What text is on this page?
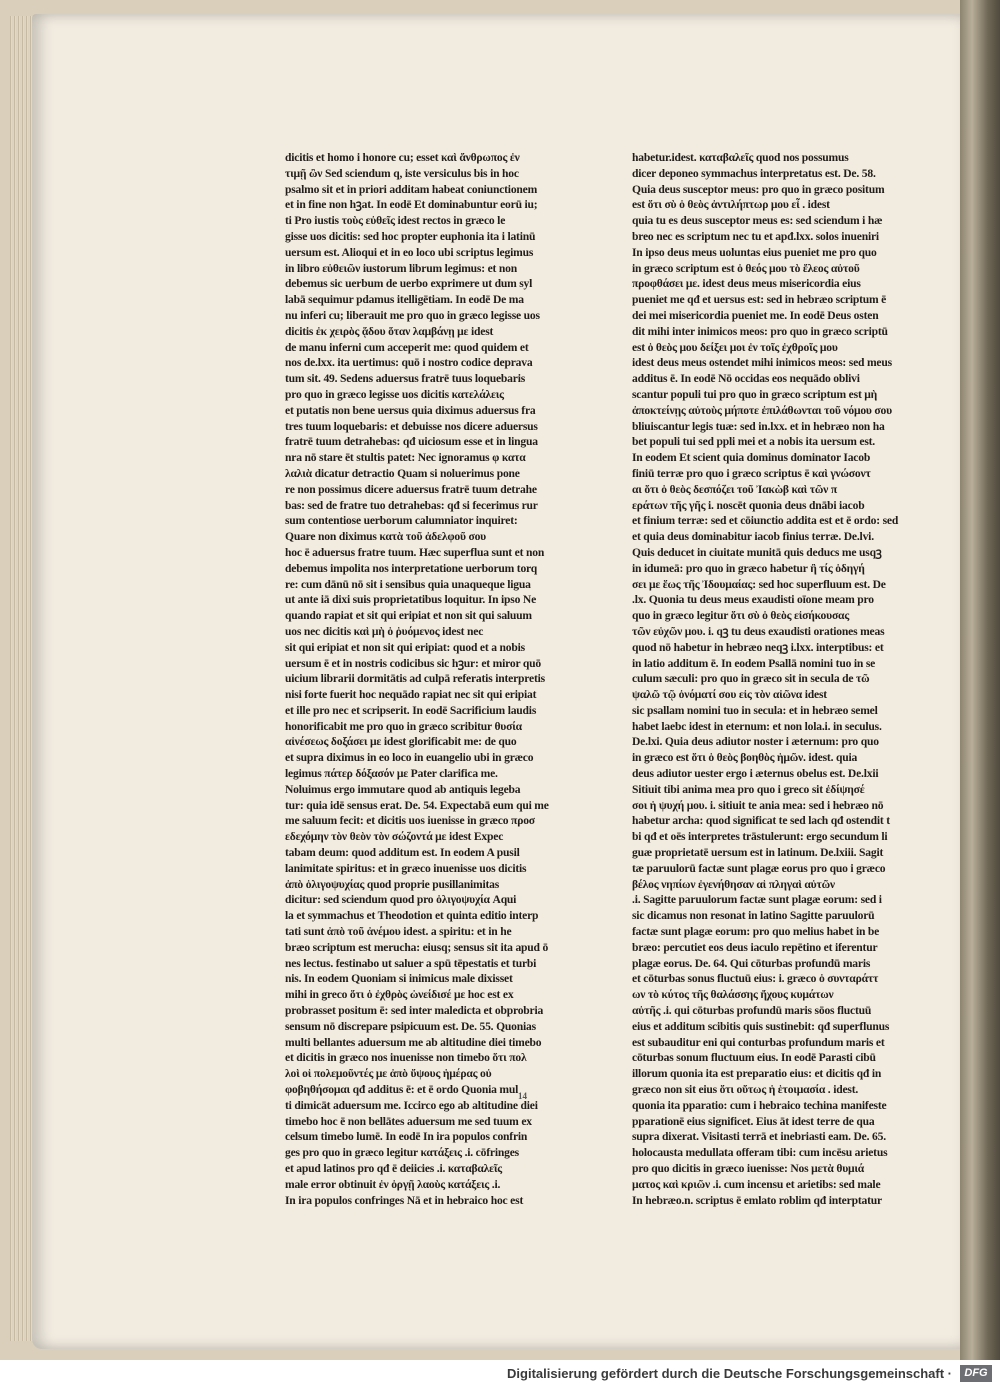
dicitis et homo i honore cu; esset καὶ ἄνθρωπος ἐν
τιμῇ ὢν Sed sciendum q, iste versiculus bis in hoc
psalmo sit et in priori additam habeat coniunctionem
et in fine non hꝫat. In eodē Et dominabuntur eorū iu;
ti Pro iustis τοὺς εὐθεῖς idest rectos in græco le
gisse uos dicitis: sed hoc propter euphonia ita i latinū
uersum est. Alioqui et in eo loco ubi scriptus legimus
in libro εὐθειῶν iustorum librum legimus: et non
debemus sic uerbum de uerbo exprimere ut dum syl
labā sequimur pdamus itelligētiam. In eodē De ma
nu inferi cu; liberauit me pro quo in græco legisse uos
dicitis ἐκ χειρὸς ᾅδου ὅταν λαμβάνῃ με idest
de manu inferni cum acceperit me: quod quidem et
nos de.lxx. ita uertimus: quō i nostro codice deprava
tum sit. 49. Sedens aduersus fratrē tuus loquebaris
pro quo in græco legisse uos dicitis κατελάλεις
et putatis non bene uersus quia diximus aduersus fra
tres tuum loquebaris: et debuisse nos dicere aduersus
fratrē tuum detrahebas: qđ uiciosum esse et in lingua
nra nō stare ēt stultis patet: Nec ignoramus φ κατα
λαλιὰ dicatur detractio Quam si noluerimus pone
re non possimus dicere aduersus fratrē tuum detrahe
bas: sed de fratre tuo detrahebas: qđ si fecerimus rur
sum contentiose uerborum calumniator inquiret:
Quare non diximus κατὰ τοῦ ἀδελφοῦ σου
hoc ē aduersus fratre tuum. Hæc superflua sunt et non
debemus impolita nos interpretatione uerborum torq
re: cum dānū nō sit i sensibus quia unaqueque ligua
ut ante iā dixi suis proprietatibus loquitur. In ipso Ne
quando rapiat et sit qui eripiat et non sit qui saluum
uos nec dicitis καὶ μὴ ὁ ῥυόμενος idest nec
sit qui eripiat et non sit qui eripiat: quod et a nobis
uersum ē et in nostris codicibus sic hꝫur: et miror quō
uicium librarii dormitātis ad culpā referatis interpretis
nisi forte fuerit hoc nequādo rapiat nec sit qui eripiat
et ille pro nec et scripserit. In eodē Sacrificium laudis
honorificabit me pro quo in græco scribitur θυσία
αἰνέσεως δοξάσει με idest glorificabit me: de quo
et supra diximus in eo loco in euangelio ubi in græco
legimus πάτερ δόξασόν με Pater clarifica me.
Noluimus ergo immutare quod ab antiquis legeba
tur: quia idē sensus erat. De. 54. Expectabā eum qui me
me saluum fecit: et dicitis uos iuenisse in græco προσ
εδεχόμην τὸν θεὸν τὸν σώζοντά με idest Expec
tabam deum: quod additum est. In eodem A pusil
lanimitate spiritus: et in græco inuenisse uos dicitis
ἀπὸ ὀλιγοψυχίας quod proprie pusillanimitas
dicitur: sed sciendum quod pro ὀλιγοψυχία Aqui
la et symmachus et Theodotion et quinta editio interp
tati sunt ἀπὸ τοῦ ἀνέμου idest. a spiritu: et in he
bræo scriptum est merucha: eiusq; sensus sit ita apud ō
nes lectus. festinabo ut saluer a spū tēpestatis et turbi
nis. In eodem Quoniam si inimicus male dixisset
mihi in greco ὅτι ὁ ἐχθρὸς ὠνείδισέ με hoc est ex
probrasset positum ē: sed inter maledicta et obprobria
sensum nō discrepare psipicuum est. De. 55. Quonias
multi bellantes aduersum me ab altitudine diei timebo
et dicitis in græco nos inuenisse non timebo ὅτι πολ
λοὶ οἱ πολεμοῦντές με ἀπὸ ὕψους ἡμέρας οὐ
φοβηθήσομαι qđ additus ē: et ē ordo Quonia mul
ti dimicāt aduersum me. Iccirco ego ab altitudine diei
timebo hoc ē non bellātes aduersum me sed tuum ex
celsum timebo lumē. In eodē In ira populos confrin
ges pro quo in græco legitur κατάξεις .i. cōfringes
et apud latinos pro qđ ē deiicies .i. καταβαλεῖς
male error obtinuit ἐν ὀργῇ λαοὺς κατάξεις .i.
In ira populos confringes Nā et in hebraico hoc est
habetur.idest. καταβαλεῖς quod nos possumus
dicer deponeo symmachus interpretatus est. De. 58.
Quia deus susceptor meus: pro quo in græco positum
est ὅτι σὺ ὁ θεὸς ἀντιλήπτωρ μου εἶ . idest
quia tu es deus susceptor meus es: sed sciendum i hæ
breo nec es scriptum nec tu et apđ.lxx. solos inueniri
In ipso deus meus uoluntas eius pueniet me pro quo
in græco scriptum est ὁ θεός μου τὸ ἔλεος αὐτοῦ
προφθάσει με. idest deus meus misericordia eius
pueniet me qđ et uersus est: sed in hebræo scriptum ē
dei mei misericordia pueniet me. In eodē Deus osten
dit mihi inter inimicos meos: pro quo in græco scriptū
est ὁ θεὸς μου δείξει μοι ἐν τοῖς ἐχθροῖς μου
idest deus meus ostendet mihi inimicos meos: sed meus
additus ē. In eodē Nō occidas eos nequādo oblivi
scantur populi tui pro quo in græco scriptum est μὴ
ἀποκτείνῃς αὐτοὺς μήποτε ἐπιλάθωνται τοῦ νόμου σου
bliuiscantur legis tuæ: sed in.lxx. et in hebræo non ha
bet populi tui sed ppli mei et a nobis ita uersum est.
In eodem Et scient quia dominus dominator Iacob
finiū terræ pro quo i græco scriptus ē καὶ γνώσοντ
αι ὅτι ὁ θεὸς δεσπόζει τοῦ Ἰακὼβ καὶ τῶν π
εράτων τῆς γῆς i. noscēt quonia deus dnābi iacob
et finium terræ: sed et cōiunctio addita est et ē ordo: sed
et quia deus dominabitur iacob finius terræ. De.lvi.
Quis deducet in ciuitate munitā quis deducs me usqꝫ
in idumeā: pro quo in græco habetur ἢ τίς ὁδηγή
σει με ἕως τῆς Ἰδουμαίας: sed hoc superfluum est. De
.lx. Quonia tu deus meus exaudisti oīone meam pro
quo in græco legitur ὅτι σὺ ὁ θεὸς εἰσήκουσας
τῶν εὐχῶν μου. i. qꝫ tu deus exaudisti orationes meas
quod nō habetur in hebræo neqꝫ i.lxx. interptibus: et
in latio additum ē. In eodem Psallā nomini tuo in se
culum sæculi: pro quo in græco sit in secula de τῶ
ψαλῶ τῷ ὀνόματί σου εἰς τὸν αἰῶνα idest
sic psallam nomini tuo in secula: et in hebræo semel
habet laebc idest in eternum: et non lola.i. in seculus.
De.lxi. Quia deus adiutor noster i æternum: pro quo
in græco est ὅτι ὁ θεὸς βοηθὸς ἡμῶν. idest. quia
deus adiutor uester ergo i æternus obelus est. De.lxii
Sitiuit tibi anima mea pro quo i greco sit ἐδίψησέ
σοι ἡ ψυχή μου. i. sitiuit te ania mea: sed i hebræo nō
habetur archa: quod significat te sed lach qđ ostendit t
bi qđ et oēs interpretes trāstulerunt: ergo secundum li
guæ proprietatē uersum est in latinum. De.lxiii. Sagit
tæ paruulorū factæ sunt plagæ eorus pro quo i græco
βέλος νηπίων ἐγενήθησαν αἱ πληγαὶ αὐτῶν
.i. Sagitte paruulorum factæ sunt plagæ eorum: sed i
sic dicamus non resonat in latino Sagitte paruulorū
factæ sunt plagæ eorum: pro quo melius habet in be
bræo: percutiet eos deus iaculo repētino et iferentur
plagæ eorus. De. 64. Qui cōturbas profundū maris
et cōturbas sonus fluctuū eius: i. græco ὁ συνταράττ
ων τὸ κύτος τῆς θαλάσσης ἤχους κυμάτων
αὐτῆς .i. qui cōturbas profundū maris sōos fluctuū
eius et additum scibitis quis sustinebit: qđ superflunus
est subauditur eni qui conturbas profundum maris et
cōturbas sonum fluctuum eius. In eodē Parasti cibū
illorum quonia ita est preparatio eius: et dicitis qđ in
græco non sit eius ὅτι οὕτως ἡ ἑτοιμασία . idest.
quonia ita pparatio: cum i hebraico techina manifeste
pparationē eius significet. Eius āt idest terre de qua
supra dixerat. Visitasti terrā et inebriasti eam. De. 65.
holocausta medullata offeram tibi: cum incēsu arietus
pro quo dicitis in græco iuenisse: Nos μετὰ θυμιά
ματος καὶ κριῶν .i. cum incensu et arietibs: sed male
In hebræo.n. scriptus ē emlato roblim qđ interptatur
14
Digitalisierung gefördert durch die Deutsche Forschungsgemeinschaft ·	DFG
